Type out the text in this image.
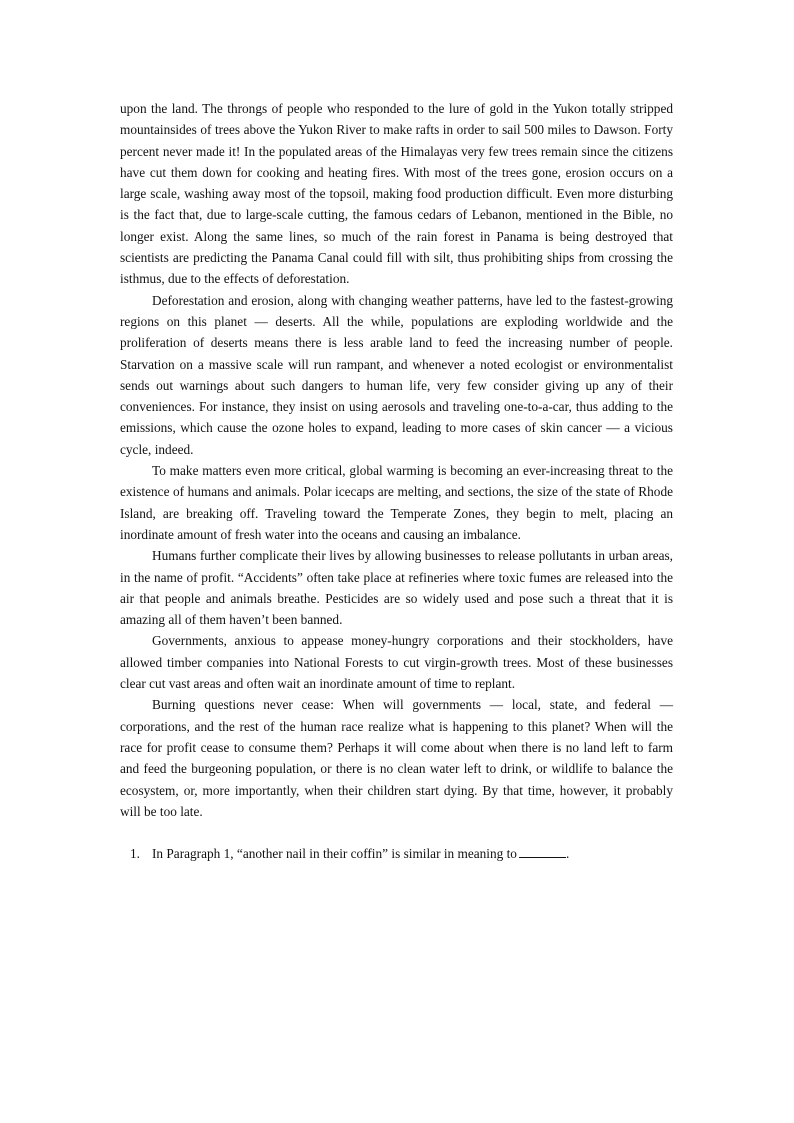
upon the land. The throngs of people who responded to the lure of gold in the Yukon totally stripped mountainsides of trees above the Yukon River to make rafts in order to sail 500 miles to Dawson. Forty percent never made it! In the populated areas of the Himalayas very few trees remain since the citizens have cut them down for cooking and heating fires. With most of the trees gone, erosion occurs on a large scale, washing away most of the topsoil, making food production difficult. Even more disturbing is the fact that, due to large-scale cutting, the famous cedars of Lebanon, mentioned in the Bible, no longer exist. Along the same lines, so much of the rain forest in Panama is being destroyed that scientists are predicting the Panama Canal could fill with silt, thus prohibiting ships from crossing the isthmus, due to the effects of deforestation.

Deforestation and erosion, along with changing weather patterns, have led to the fastest-growing regions on this planet — deserts. All the while, populations are exploding worldwide and the proliferation of deserts means there is less arable land to feed the increasing number of people. Starvation on a massive scale will run rampant, and whenever a noted ecologist or environmentalist sends out warnings about such dangers to human life, very few consider giving up any of their conveniences. For instance, they insist on using aerosols and traveling one-to-a-car, thus adding to the emissions, which cause the ozone holes to expand, leading to more cases of skin cancer — a vicious cycle, indeed.

To make matters even more critical, global warming is becoming an ever-increasing threat to the existence of humans and animals. Polar icecaps are melting, and sections, the size of the state of Rhode Island, are breaking off. Traveling toward the Temperate Zones, they begin to melt, placing an inordinate amount of fresh water into the oceans and causing an imbalance.

Humans further complicate their lives by allowing businesses to release pollutants in urban areas, in the name of profit. “Accidents” often take place at refineries where toxic fumes are released into the air that people and animals breathe. Pesticides are so widely used and pose such a threat that it is amazing all of them haven’t been banned.

Governments, anxious to appease money-hungry corporations and their stockholders, have allowed timber companies into National Forests to cut virgin-growth trees. Most of these businesses clear cut vast areas and often wait an inordinate amount of time to replant.

Burning questions never cease: When will governments — local, state, and federal — corporations, and the rest of the human race realize what is happening to this planet? When will the race for profit cease to consume them? Perhaps it will come about when there is no land left to farm and feed the burgeoning population, or there is no clean water left to drink, or wildlife to balance the ecosystem, or, more importantly, when their children start dying. By that time, however, it probably will be too late.

1. In Paragraph 1, “another nail in their coffin” is similar in meaning to	.
